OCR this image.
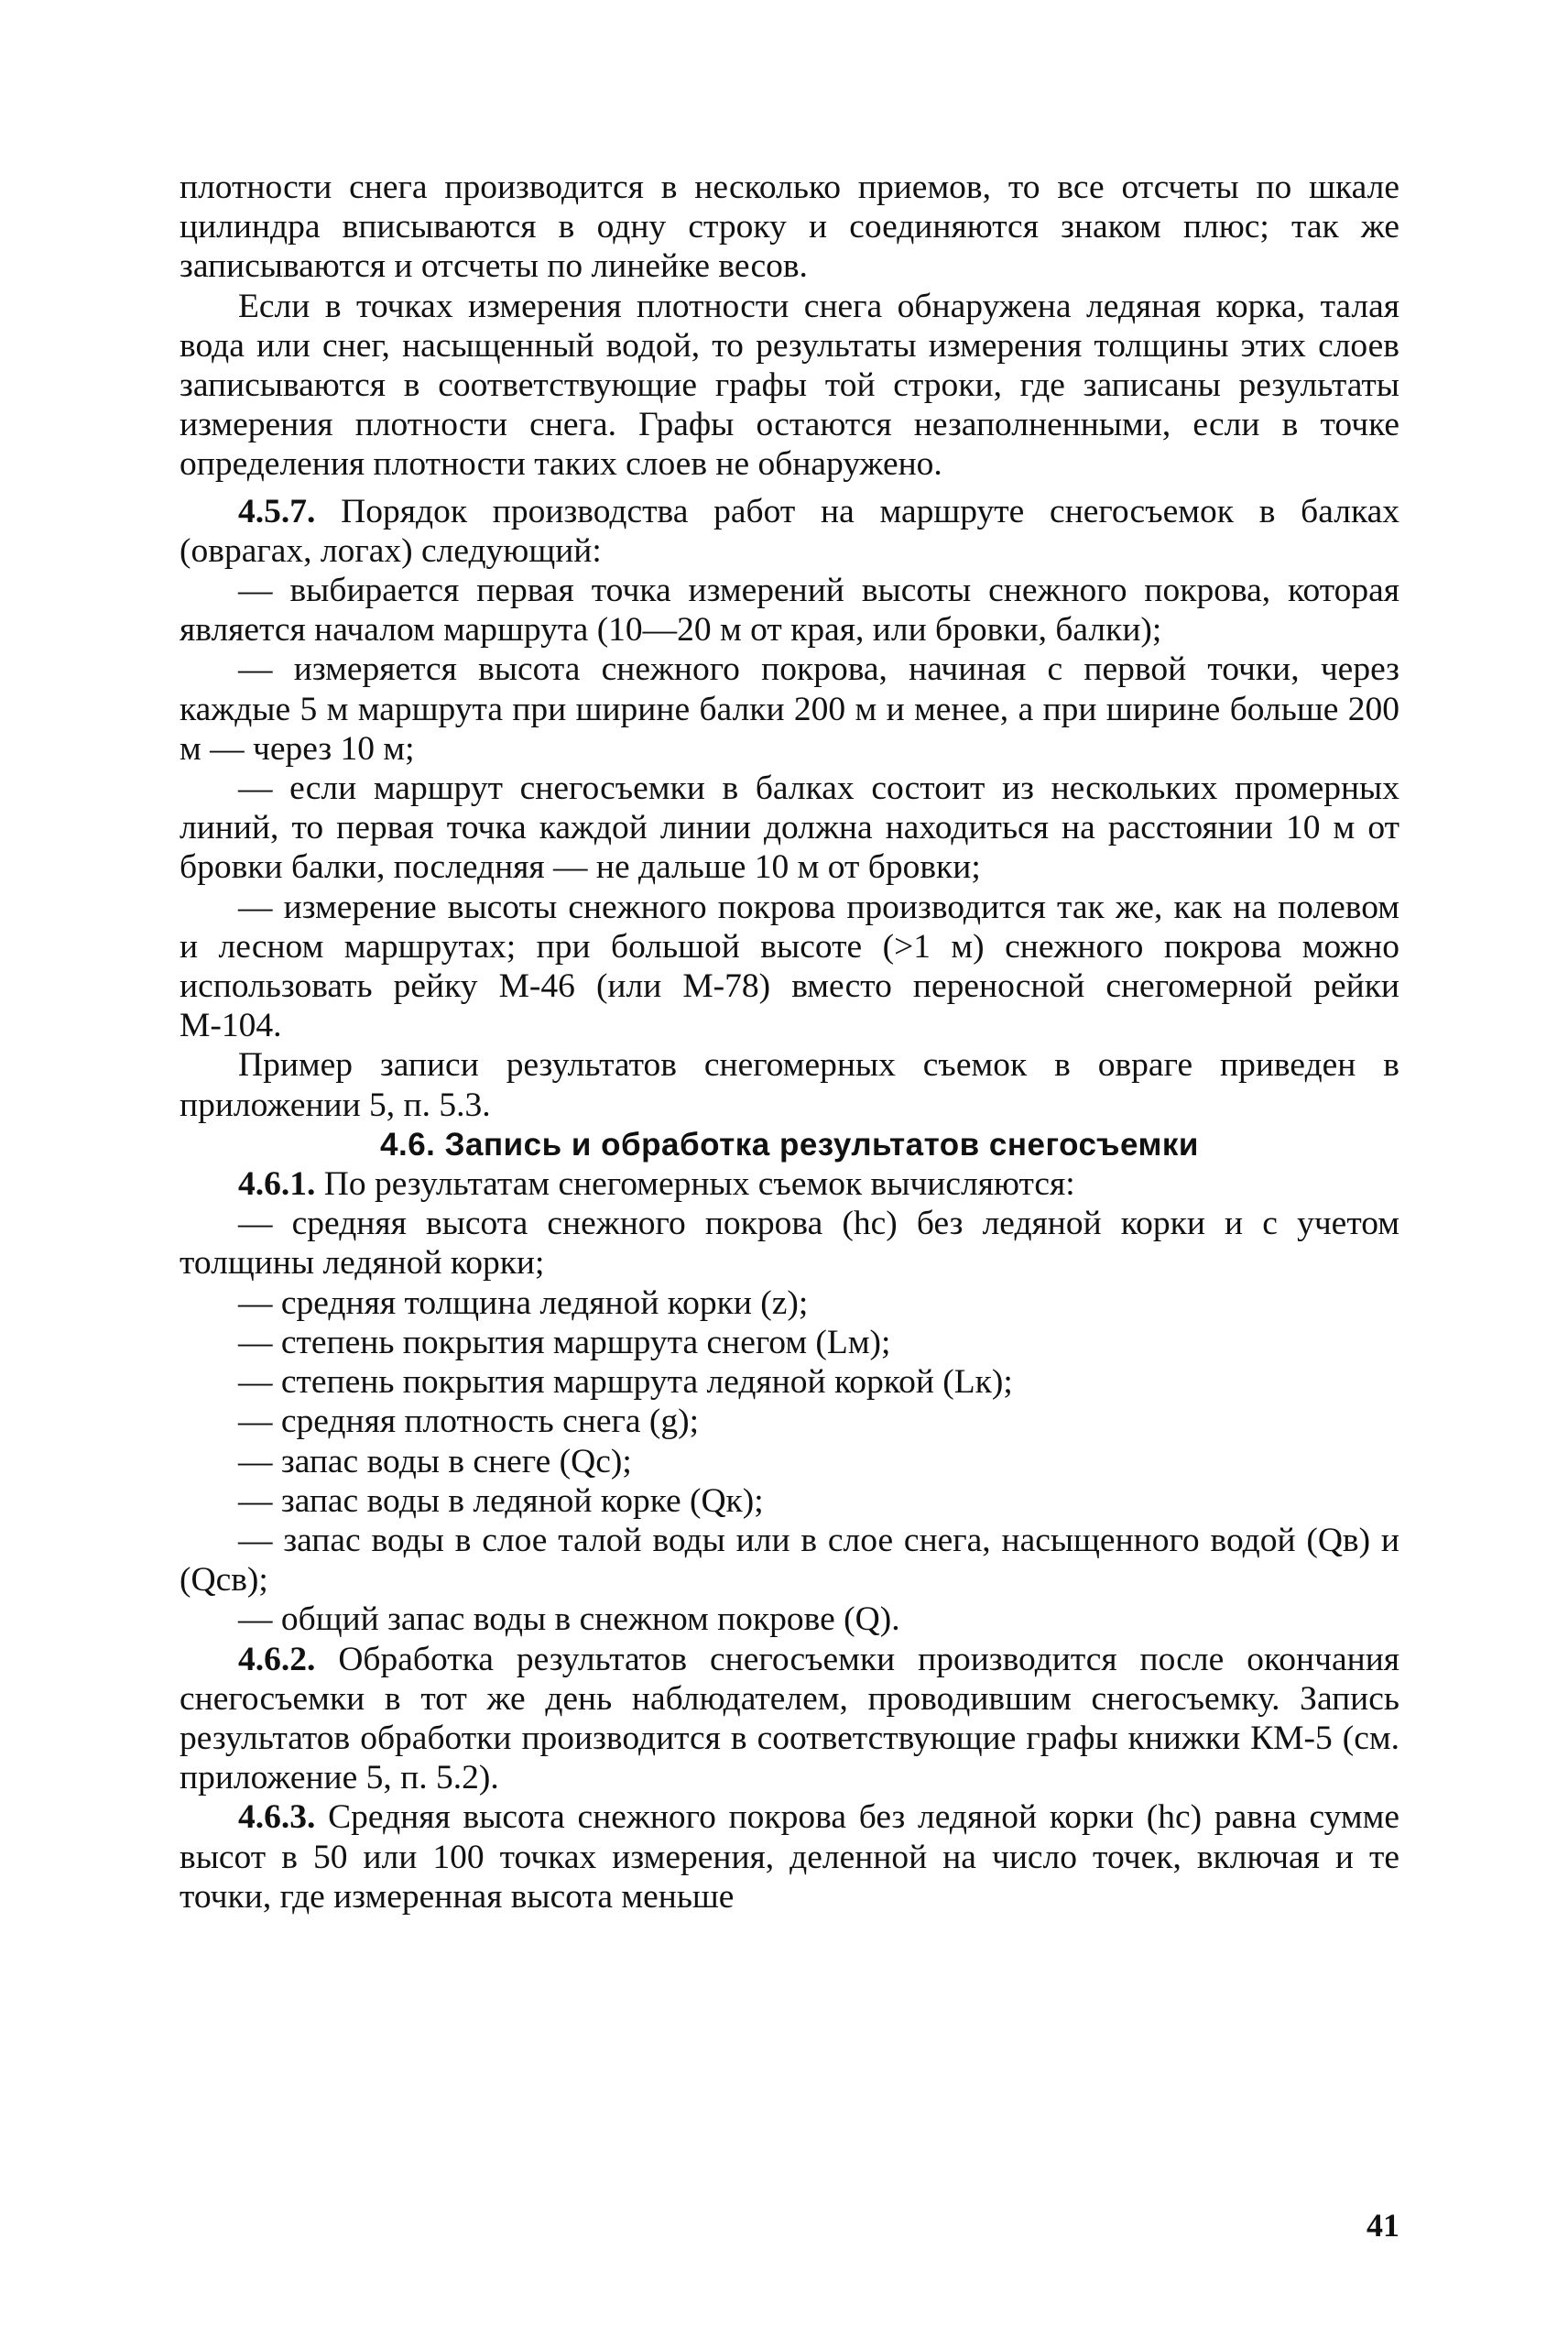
плотности снега производится в несколько приемов, то все отсчеты по шкале цилиндра вписываются в одну строку и соединяются знаком плюс; так же записываются и отсчеты по линейке весов.

Если в точках измерения плотности снега обнаружена ледяная корка, талая вода или снег, насыщенный водой, то результаты измерения толщины этих слоев записываются в соответствующие графы той строки, где записаны результаты измерения плотности снега. Графы остаются незаполненными, если в точке определения плотности таких слоев не обнаружено.

4.5.7. Порядок производства работ на маршруте снегосъемок в балках (оврагах, логах) следующий:

— выбирается первая точка измерений высоты снежного покрова, которая является началом маршрута (10—20 м от края, или бровки, балки);

— измеряется высота снежного покрова, начиная с первой точки, через каждые 5 м маршрута при ширине балки 200 м и менее, а при ширине больше 200 м — через 10 м;

— если маршрут снегосъемки в балках состоит из нескольких промерных линий, то первая точка каждой линии должна находиться на расстоянии 10 м от бровки балки, последняя — не дальше 10 м от бровки;

— измерение высоты снежного покрова производится так же, как на полевом и лесном маршрутах; при большой высоте (>1 м) снежного покрова можно использовать рейку М-46 (или М-78) вместо переносной снегомерной рейки М-104.

Пример записи результатов снегомерных съемок в овраге приведен в приложении 5, п. 5.3.

4.6. Запись и обработка результатов снегосъемки

4.6.1. По результатам снегомерных съемок вычисляются:

— средняя высота снежного покрова (hc) без ледяной корки и с учетом толщины ледяной корки;

— средняя толщина ледяной корки (z);

— степень покрытия маршрута снегом (Lм);

— степень покрытия маршрута ледяной коркой (Lк);

— средняя плотность снега (g);

— запас воды в снеге (Qc);

— запас воды в ледяной корке (Qк);

— запас воды в слое талой воды или в слое снега, насыщенного водой (Qв) и (Qсв);

— общий запас воды в снежном покрове (Q).

4.6.2. Обработка результатов снегосъемки производится после окончания снегосъемки в тот же день наблюдателем, проводившим снегосъемку. Запись результатов обработки производится в соответствующие графы книжки КМ-5 (см. приложение 5, п. 5.2).

4.6.3. Средняя высота снежного покрова без ледяной корки (hc) равна сумме высот в 50 или 100 точках измерения, деленной на число точек, включая и те точки, где измеренная высота меньше

41
